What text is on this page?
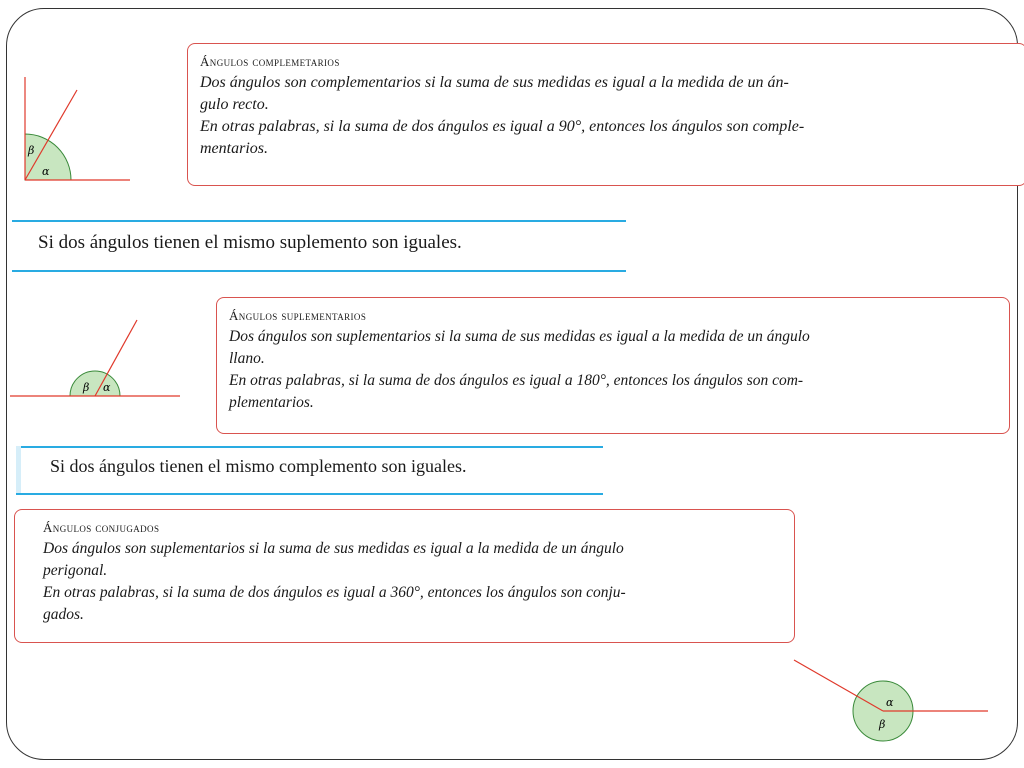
β
α
Ángulos complemetarios
Dos ángulos son complementarios si la suma de sus medidas es igual a la medida de un án-
gulo recto.
En otras palabras, si la suma de dos ángulos es igual a 90°, entonces los ángulos son comple-
mentarios.
Si dos ángulos tienen el mismo suplemento son iguales.
β α
Ángulos suplementarios
Dos ángulos son suplementarios si la suma de sus medidas es igual a la medida de un ángulo
llano.
En otras palabras, si la suma de dos ángulos es igual a 180°, entonces los ángulos son com-
plementarios.
Si dos ángulos tienen el mismo complemento son iguales.
Ángulos conjugados
Dos ángulos son suplementarios si la suma de sus medidas es igual a la medida de un ángulo
perigonal.
En otras palabras, si la suma de dos ángulos es igual a 360°, entonces los ángulos son conju-
gados.
α
β
